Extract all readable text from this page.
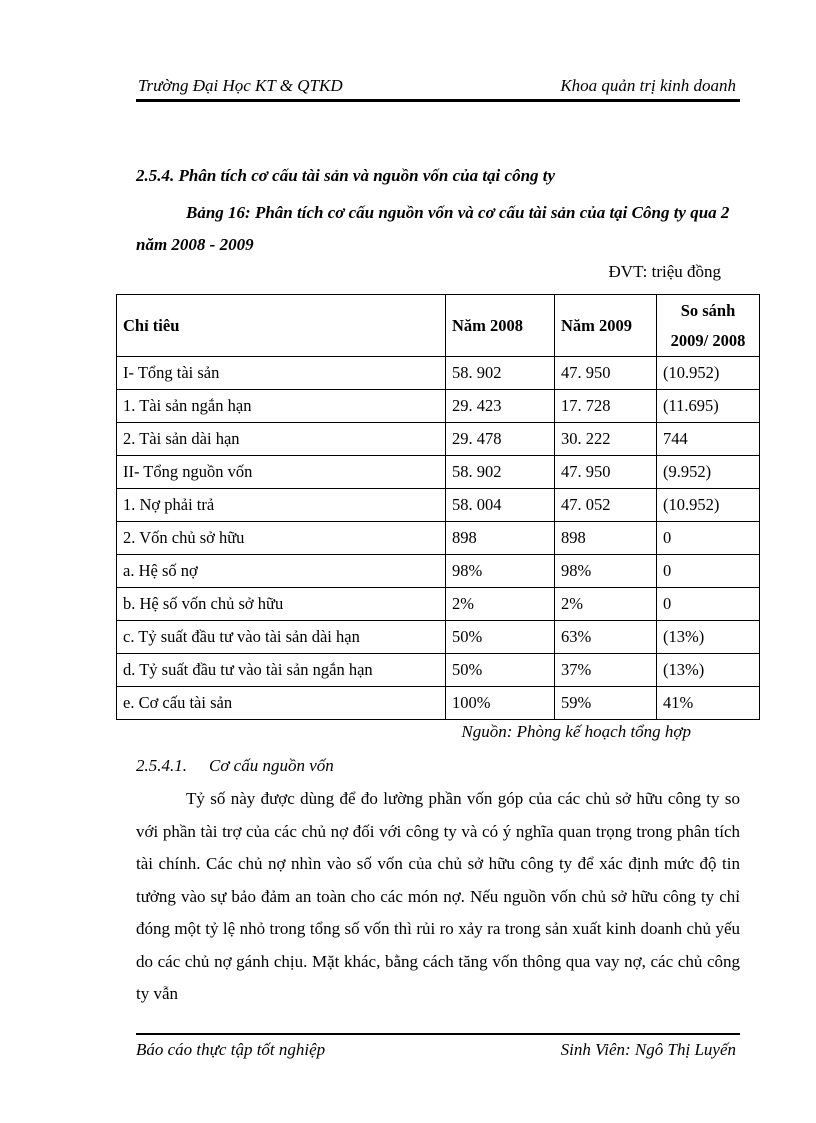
Trường Đại Học KT & QTKD	Khoa quản trị kinh doanh
2.5.4. Phân tích cơ cấu tài sản và nguồn vốn của tại công ty
Bảng 16: Phân tích cơ cấu nguồn vốn và cơ cấu tài sản của tại Công ty qua 2 năm 2008 - 2009
ĐVT: triệu đồng
Chỉ tiêu	Năm 2008	Năm 2009	So sánh
2009/ 2008

I- Tổng tài sản	58. 902	47. 950	(10.952)
1. Tài sản ngắn hạn	29. 423	17. 728	(11.695)
2. Tài sản dài hạn	29. 478	30. 222	744
II- Tổng nguồn vốn	58. 902	47. 950	(9.952)
1. Nợ phải trả	58. 004	47. 052	(10.952)
2. Vốn chủ sở hữu	898	898	0
a. Hệ số nợ	98%	98%	0
b. Hệ số vốn chủ sở hữu	2%	2%	0
c. Tỷ suất đầu tư vào tài sản dài hạn	50%	63%	(13%)
d. Tỷ suất đầu tư vào tài sản ngắn hạn	50%	37%	(13%)
e. Cơ cấu tài sản	100%	59%	41%
Nguồn: Phòng kế hoạch tổng hợp
2.5.4.1. Cơ cấu nguồn vốn
Tỷ số này được dùng để đo lường phần vốn góp của các chủ sở hữu công ty so với phần tài trợ của các chủ nợ đối với công ty và có ý nghĩa quan trọng trong phân tích tài chính. Các chủ nợ nhìn vào số vốn của chủ sở hữu công ty để xác định mức độ tin tưởng vào sự bảo đảm an toàn cho các món nợ. Nếu nguồn vốn chủ sở hữu công ty chỉ đóng một tỷ lệ nhỏ trong tổng số vốn thì rủi ro xảy ra trong sản xuất kinh doanh chủ yếu do các chủ nợ gánh chịu. Mặt khác, bằng cách tăng vốn thông qua vay nợ, các chủ công ty vẫn
Báo cáo thực tập tốt nghiệp	Sinh Viên: Ngô Thị Luyến
